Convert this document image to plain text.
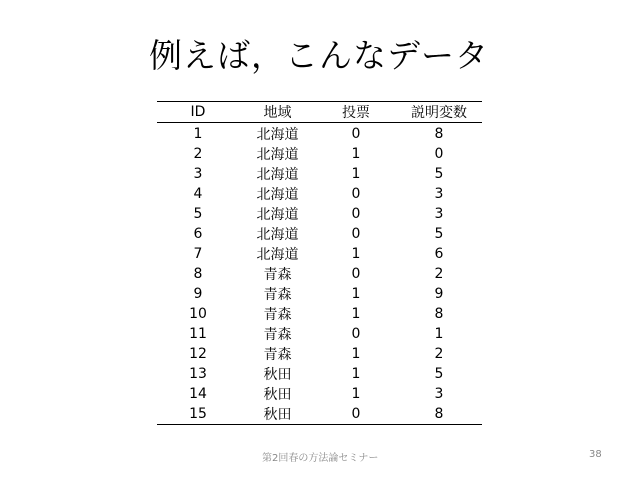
例えば，こんなデータ
ID	地域	投票	説明変数
1	北海道	0	8
2	北海道	1	0
3	北海道	1	5
4	北海道	0	3
5	北海道	0	3
6	北海道	0	5
7	北海道	1	6
8	青森	0	2
9	青森	1	9
10	青森	1	8
11	青森	0	1
12	青森	1	2
13	秋田	1	5
14	秋田	1	3
15	秋田	0	8
第2回春の方法論セミナー	38
